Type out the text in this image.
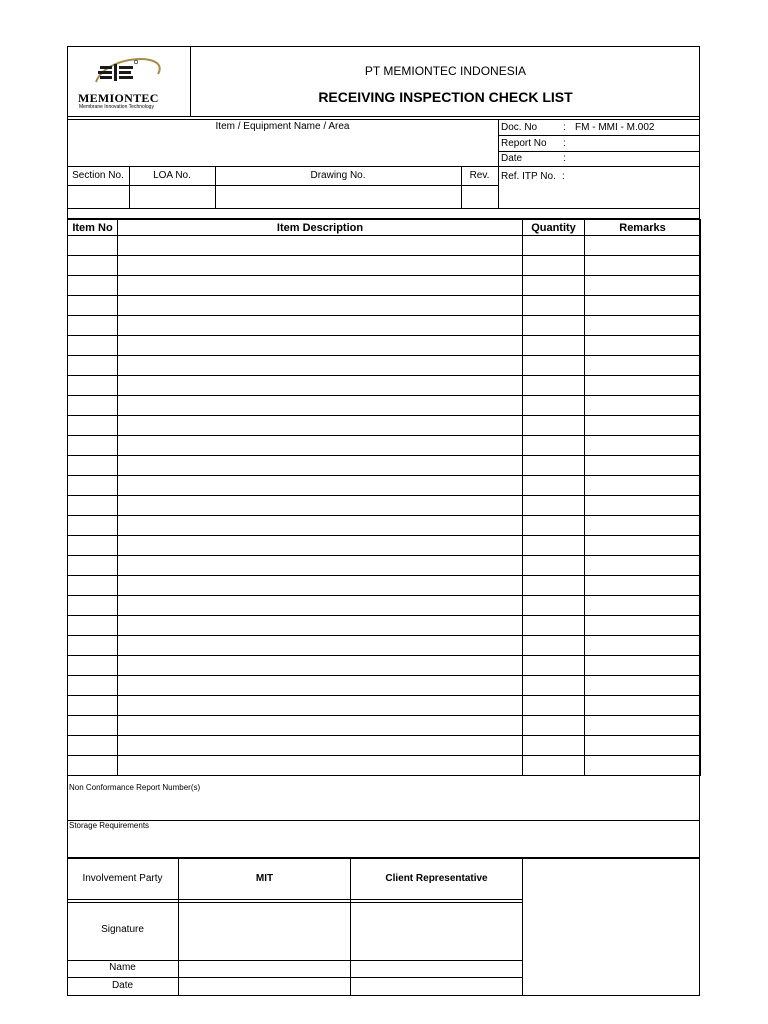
MEMIONTEC
Membrane Innovation Technology
PT MEMIONTEC INDONESIA
RECEIVING INSPECTION CHECK LIST
Item / Equipment Name / Area	Doc. No	: FM - MMI - M.002
Report No :
Date	:
Section No.	LOA No.	Drawing No.	Rev.	Ref. ITP No. :
Item No	Item Description	Quantity	Remarks

Non Conformance Report Number(s)
Storage Requirements
Involvement Party	MIT	Client Representative
Signature
Name
Date
